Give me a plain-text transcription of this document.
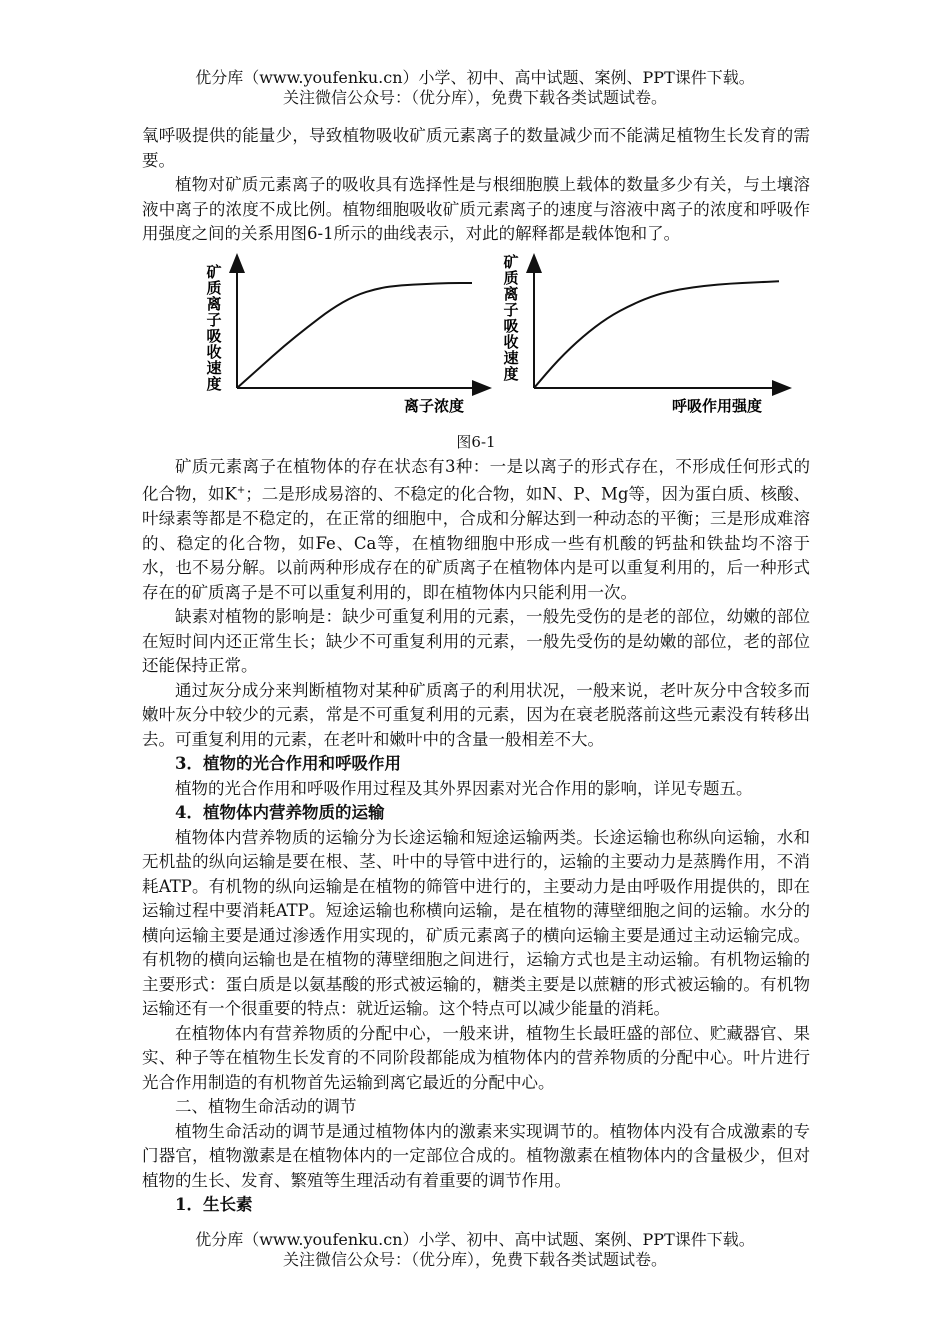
优分库（www.youfenku.cn）小学、初中、高中试题、案例、PPT课件下载。
关注微信公众号：（优分库），免费下载各类试题试卷。

氧呼吸提供的能量少，导致植物吸收矿质元素离子的数量减少而不能满足植物生长发育的需要。

植物对矿质元素离子的吸收具有选择性是与根细胞膜上载体的数量多少有关，与土壤溶液中离子的浓度不成比例。植物细胞吸收矿质元素离子的速度与溶液中离子的浓度和呼吸作用强度之间的关系用图6-1所示的曲线表示，对此的解释都是载体饱和了。

矿
质
离
子
吸
收
速
度
离子浓度
矿
质
离
子
吸
收
速
度
呼吸作用强度

图6-1

矿质元素离子在植物体的存在状态有3种：一是以离子的形式存在，不形成任何形式的化合物，如K+；二是形成易溶的、不稳定的化合物，如N、P、Mg等，因为蛋白质、核酸、叶绿素等都是不稳定的，在正常的细胞中，合成和分解达到一种动态的平衡；三是形成难溶的、稳定的化合物，如Fe、Ca等，在植物细胞中形成一些有机酸的钙盐和铁盐均不溶于水，也不易分解。以前两种形成存在的矿质离子在植物体内是可以重复利用的，后一种形式存在的矿质离子是不可以重复利用的，即在植物体内只能利用一次。

缺素对植物的影响是：缺少可重复利用的元素，一般先受伤的是老的部位，幼嫩的部位在短时间内还正常生长；缺少不可重复利用的元素，一般先受伤的是幼嫩的部位，老的部位还能保持正常。

通过灰分成分来判断植物对某种矿质离子的利用状况，一般来说，老叶灰分中含较多而嫩叶灰分中较少的元素，常是不可重复利用的元素，因为在衰老脱落前这些元素没有转移出去。可重复利用的元素，在老叶和嫩叶中的含量一般相差不大。

3．植物的光合作用和呼吸作用

植物的光合作用和呼吸作用过程及其外界因素对光合作用的影响，详见专题五。

4．植物体内营养物质的运输

植物体内营养物质的运输分为长途运输和短途运输两类。长途运输也称纵向运输，水和无机盐的纵向运输是要在根、茎、叶中的导管中进行的，运输的主要动力是蒸腾作用，不消耗ATP。有机物的纵向运输是在植物的筛管中进行的，主要动力是由呼吸作用提供的，即在运输过程中要消耗ATP。短途运输也称横向运输，是在植物的薄壁细胞之间的运输。水分的横向运输主要是通过渗透作用实现的，矿质元素离子的横向运输主要是通过主动运输完成。有机物的横向运输也是在植物的薄壁细胞之间进行，运输方式也是主动运输。有机物运输的主要形式：蛋白质是以氨基酸的形式被运输的，糖类主要是以蔗糖的形式被运输的。有机物运输还有一个很重要的特点：就近运输。这个特点可以减少能量的消耗。

在植物体内有营养物质的分配中心，一般来讲，植物生长最旺盛的部位、贮藏器官、果实、种子等在植物生长发育的不同阶段都能成为植物体内的营养物质的分配中心。叶片进行光合作用制造的有机物首先运输到离它最近的分配中心。

二、植物生命活动的调节

植物生命活动的调节是通过植物体内的激素来实现调节的。植物体内没有合成激素的专门器官，植物激素是在植物体内的一定部位合成的。植物激素在植物体内的含量极少，但对植物的生长、发育、繁殖等生理活动有着重要的调节作用。

1．生长素

优分库（www.youfenku.cn）小学、初中、高中试题、案例、PPT课件下载。
关注微信公众号：（优分库），免费下载各类试题试卷。
